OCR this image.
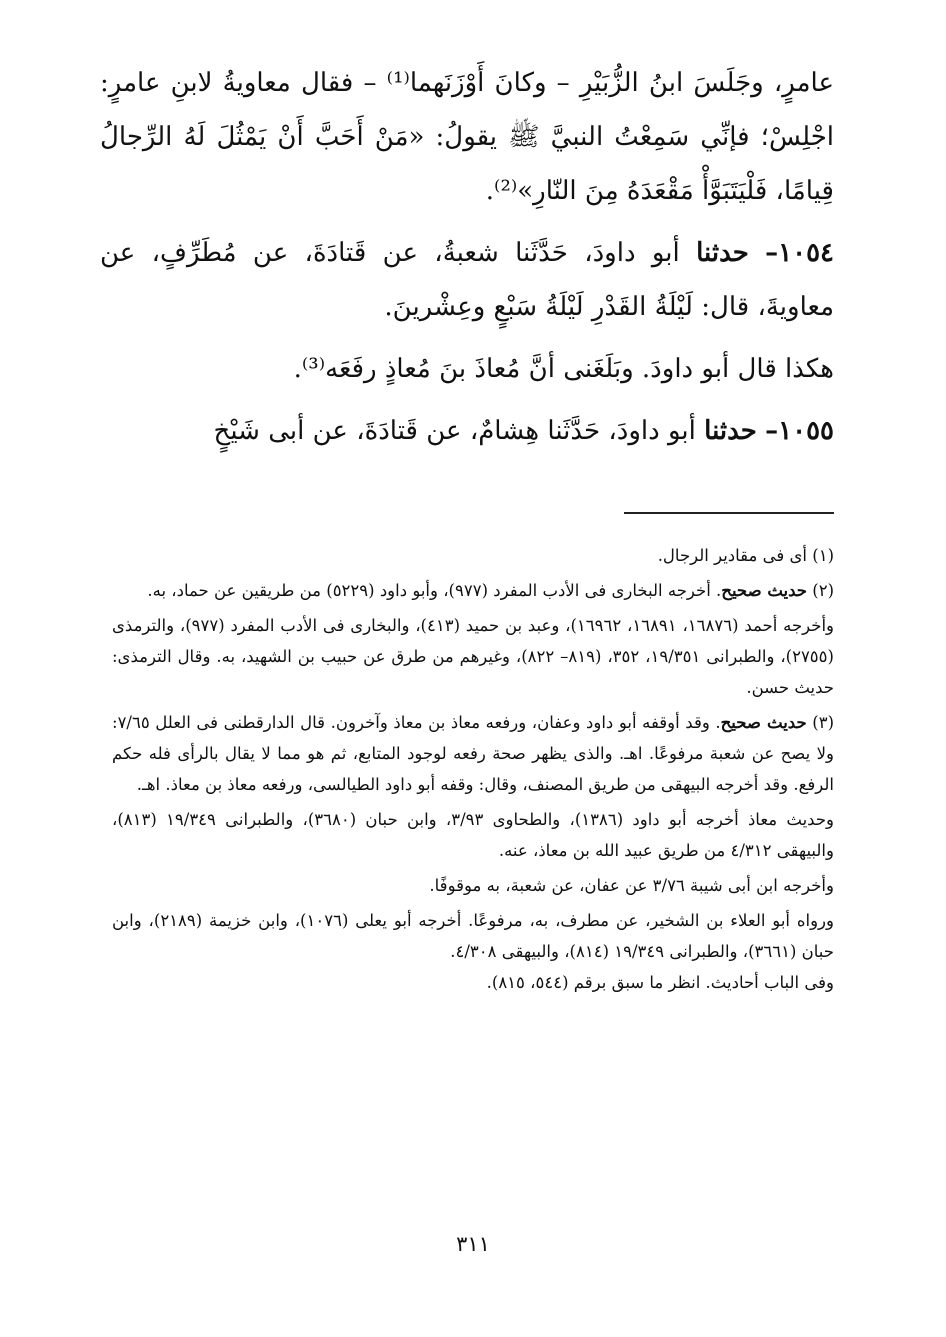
عامرٍ، وجَلَسَ ابنُ الزُّبَيْرِ – وكانَ أَوْزَنَهما⁽¹⁾ – فقال معاويةُ لابنِ عامرٍ: اجْلِسْ؛ فإنِّي سَمِعْتُ النبيَّ ﷺ يقولُ: «مَنْ أَحَبَّ أَنْ يَمْثُلَ لَهُ الرِّجالُ قِيامًا، فَلْيَتَبَوَّأْ مَقْعَدَهُ مِنَ النّارِ»⁽²⁾.

١٠٥٤– حدثنا أبو داودَ، حَدَّثَنا شعبةُ، عن قَتادَةَ، عن مُطَرِّفٍ، عن معاويةَ، قال: لَيْلَةُ القَدْرِ لَيْلَةُ سَبْعٍ وعِشْرينَ.

هكذا قال أبو داودَ. وبَلَغَنى أنَّ مُعاذَ بنَ مُعاذٍ رفَعَه⁽³⁾.

١٠٥٥– حدثنا أبو داودَ، حَدَّثَنا هِشامٌ، عن قَتادَةَ، عن أبى شَيْخٍ

(١) أى فى مقادير الرجال.

(٢) حديث صحيح. أخرجه البخارى فى الأدب المفرد (٩٧٧)، وأبو داود (٥٢٢٩) من طريقين عن حماد، به.

وأخرجه أحمد (١٦٨٧٦، ١٦٨٩١، ١٦٩٦٢)، وعبد بن حميد (٤١٣)، والبخارى فى الأدب المفرد (٩٧٧)، والترمذى (٢٧٥٥)، والطبرانى ١٩/٣٥١، ٣٥٢، (٨١٩– ٨٢٢)، وغيرهم من طرق عن حبيب بن الشهيد، به. وقال الترمذى: حديث حسن.

(٣) حديث صحيح. وقد أوقفه أبو داود وعفان، ورفعه معاذ بن معاذ وآخرون. قال الدارقطنى فى العلل ٧/٦٥: ولا يصح عن شعبة مرفوعًا. اهـ. والذى يظهر صحة رفعه لوجود المتابع، ثم هو مما لا يقال بالرأى فله حكم الرفع. وقد أخرجه البيهقى من طريق المصنف، وقال: وقفه أبو داود الطيالسى، ورفعه معاذ بن معاذ. اهـ.

وحديث معاذ أخرجه أبو داود (١٣٨٦)، والطحاوى ٣/٩٣، وابن حبان (٣٦٨٠)، والطبرانى ١٩/٣٤٩ (٨١٣)، والبيهقى ٤/٣١٢ من طريق عبيد الله بن معاذ، عنه.

وأخرجه ابن أبى شيبة ٣/٧٦ عن عفان، عن شعبة، به موقوفًا.

ورواه أبو العلاء بن الشخير، عن مطرف، به، مرفوعًا. أخرجه أبو يعلى (١٠٧٦)، وابن خزيمة (٢١٨٩)، وابن حبان (٣٦٦١)، والطبرانى ١٩/٣٤٩ (٨١٤)، والبيهقى ٤/٣٠٨.

وفى الباب أحاديث. انظر ما سبق برقم (٥٤٤، ٨١٥).

٣١١
